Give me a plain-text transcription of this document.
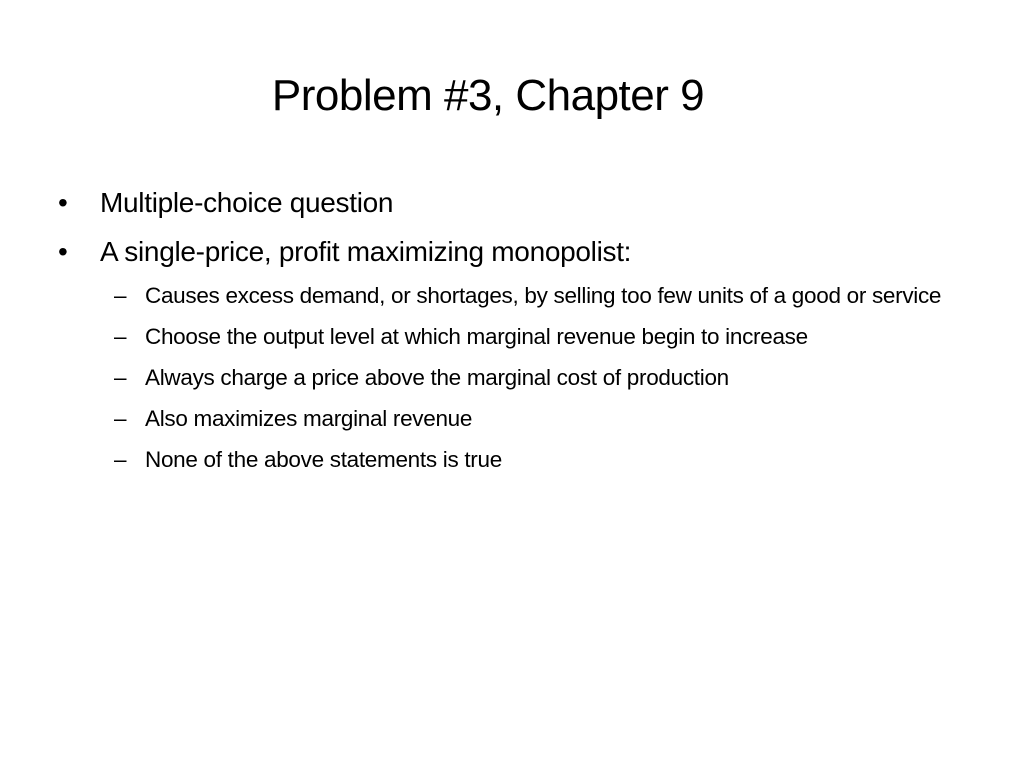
Problem #3, Chapter 9
•	Multiple-choice question
•	A single-price, profit maximizing monopolist:
– Causes excess demand, or shortages, by selling too few units of a good or service
– Choose the output level at which marginal revenue begin to increase
– Always charge a price above the marginal cost of production
– Also maximizes marginal revenue
– None of the above statements is true
